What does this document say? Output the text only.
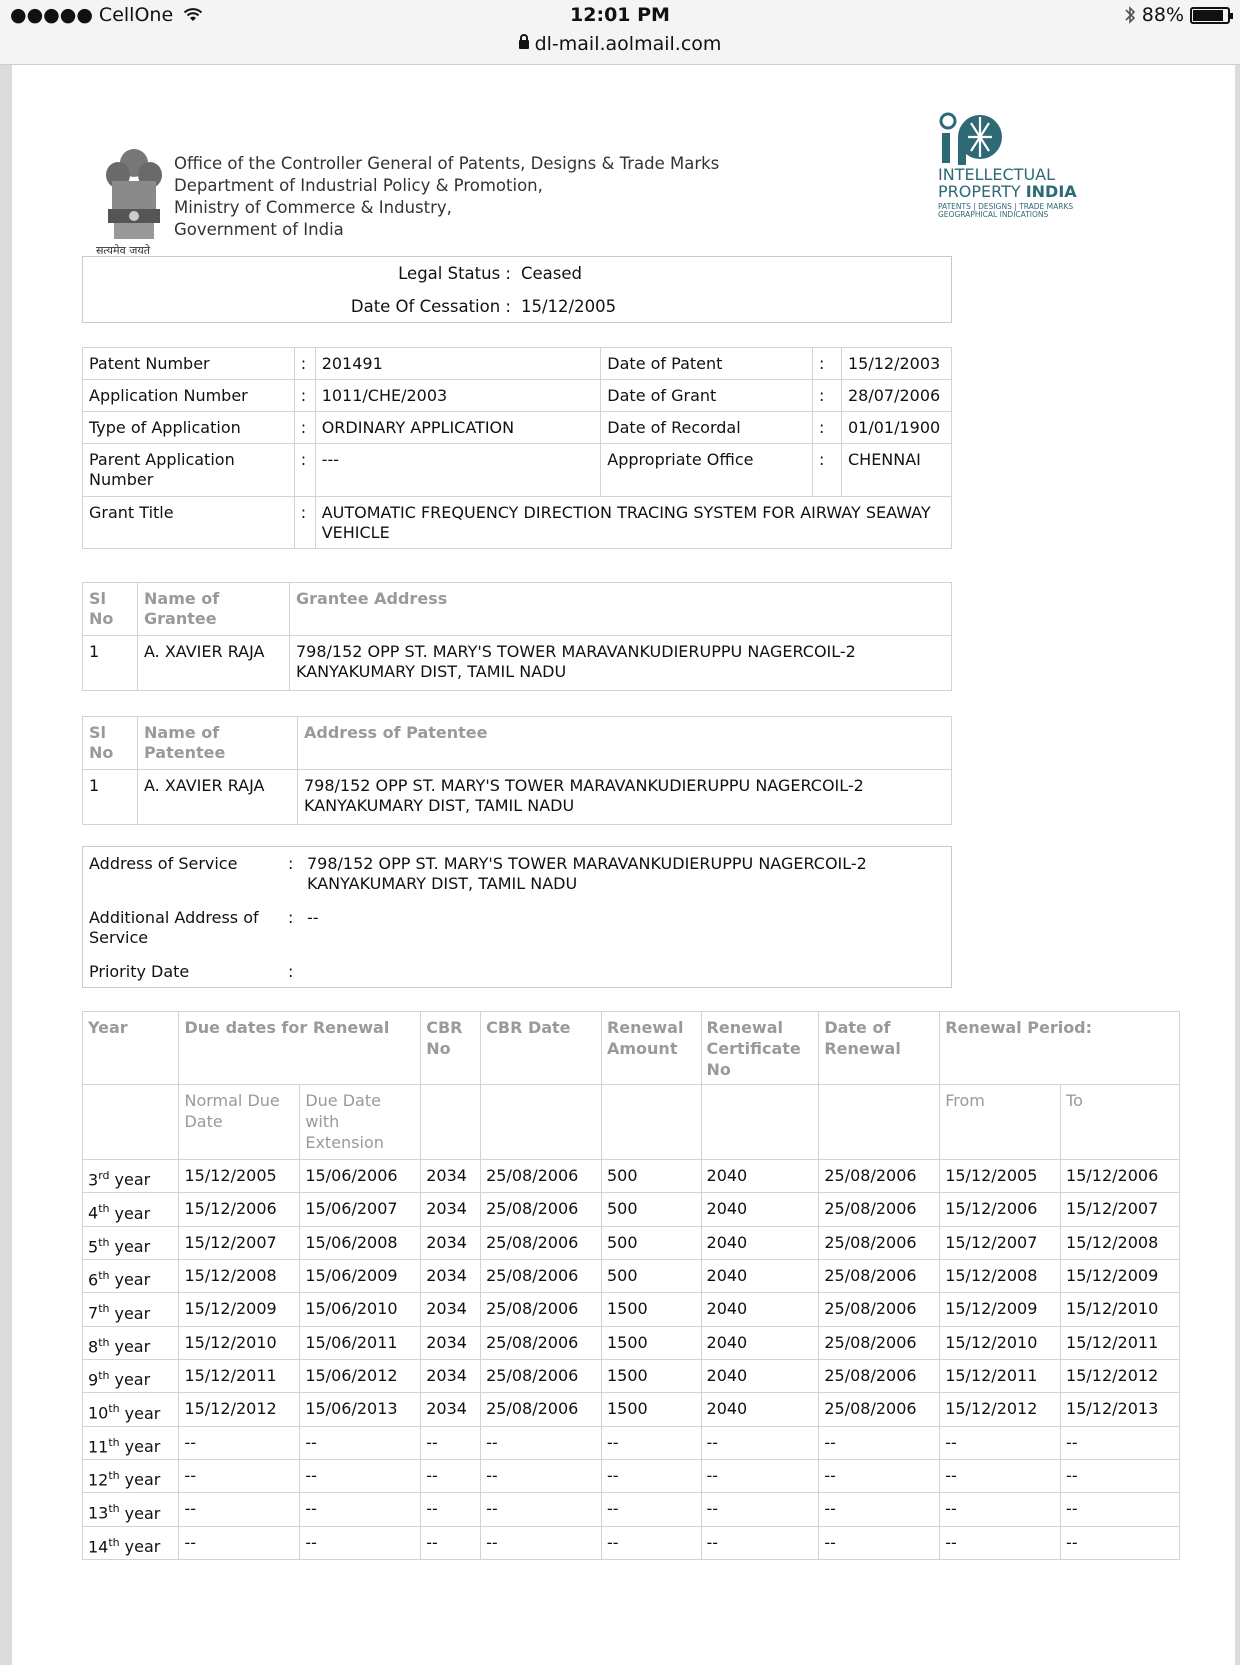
●●●●● CellOne	12:01 PM
dl-mail.aolmail.com
88%
सत्यमेव जयते
Office of the Controller General of Patents, Designs & Trade Marks
Department of Industrial Policy & Promotion,
Ministry of Commerce & Industry,
Government of India
INTELLECTUAL
PROPERTY INDIA
PATENTS | DESIGNS | TRADE MARKS
GEOGRAPHICAL INDICATIONS
Legal Status : Ceased
Date Of Cessation : 15/12/2005
Patent Number	:	201491	Date of Patent	:	15/12/2003
Application Number	:	1011/CHE/2003	Date of Grant	:	28/07/2006
Type of Application	:	ORDINARY APPLICATION	Date of Recordal	:	01/01/1900
Parent Application Number	:	---	Appropriate Office	:	CHENNAI
Grant Title	:	AUTOMATIC FREQUENCY DIRECTION TRACING SYSTEM FOR AIRWAY SEAWAY VEHICLE			
Sl No	Name of Grantee	Grantee Address
1	A. XAVIER RAJA	798/152 OPP ST. MARY'S TOWER MARAVANKUDIERUPPU NAGERCOIL-2 KANYAKUMARY DIST, TAMIL NADU
Sl No	Name of Patentee	Address of Patentee
1	A. XAVIER RAJA	798/152 OPP ST. MARY'S TOWER MARAVANKUDIERUPPU NAGERCOIL-2 KANYAKUMARY DIST, TAMIL NADU
Address of Service	: 798/152 OPP ST. MARY'S TOWER MARAVANKUDIERUPPU NAGERCOIL-2
KANYAKUMARY DIST, TAMIL NADU
Additional Address of
Service
: --
Priority Date	:
Year	Due dates for Renewal		CBR No	CBR Date	Renewal Amount	Renewal Certificate No	Date of Renewal	Renewal Period:	
	Normal Due Date	Due Date with Extension						From	To
3rd year	15/12/2005	15/06/2006	2034	25/08/2006	500	2040	25/08/2006	15/12/2005	15/12/2006
4th year	15/12/2006	15/06/2007	2034	25/08/2006	500	2040	25/08/2006	15/12/2006	15/12/2007
5th year	15/12/2007	15/06/2008	2034	25/08/2006	500	2040	25/08/2006	15/12/2007	15/12/2008
6th year	15/12/2008	15/06/2009	2034	25/08/2006	500	2040	25/08/2006	15/12/2008	15/12/2009
7th year	15/12/2009	15/06/2010	2034	25/08/2006	1500	2040	25/08/2006	15/12/2009	15/12/2010
8th year	15/12/2010	15/06/2011	2034	25/08/2006	1500	2040	25/08/2006	15/12/2010	15/12/2011
9th year	15/12/2011	15/06/2012	2034	25/08/2006	1500	2040	25/08/2006	15/12/2011	15/12/2012
10th year	15/12/2012	15/06/2013	2034	25/08/2006	1500	2040	25/08/2006	15/12/2012	15/12/2013
11th year	--	--	--	--	--	--	--	--	--
12th year	--	--	--	--	--	--	--	--	--
13th year	--	--	--	--	--	--	--	--	--
14th year	--	--	--	--	--	--	--	--	--
